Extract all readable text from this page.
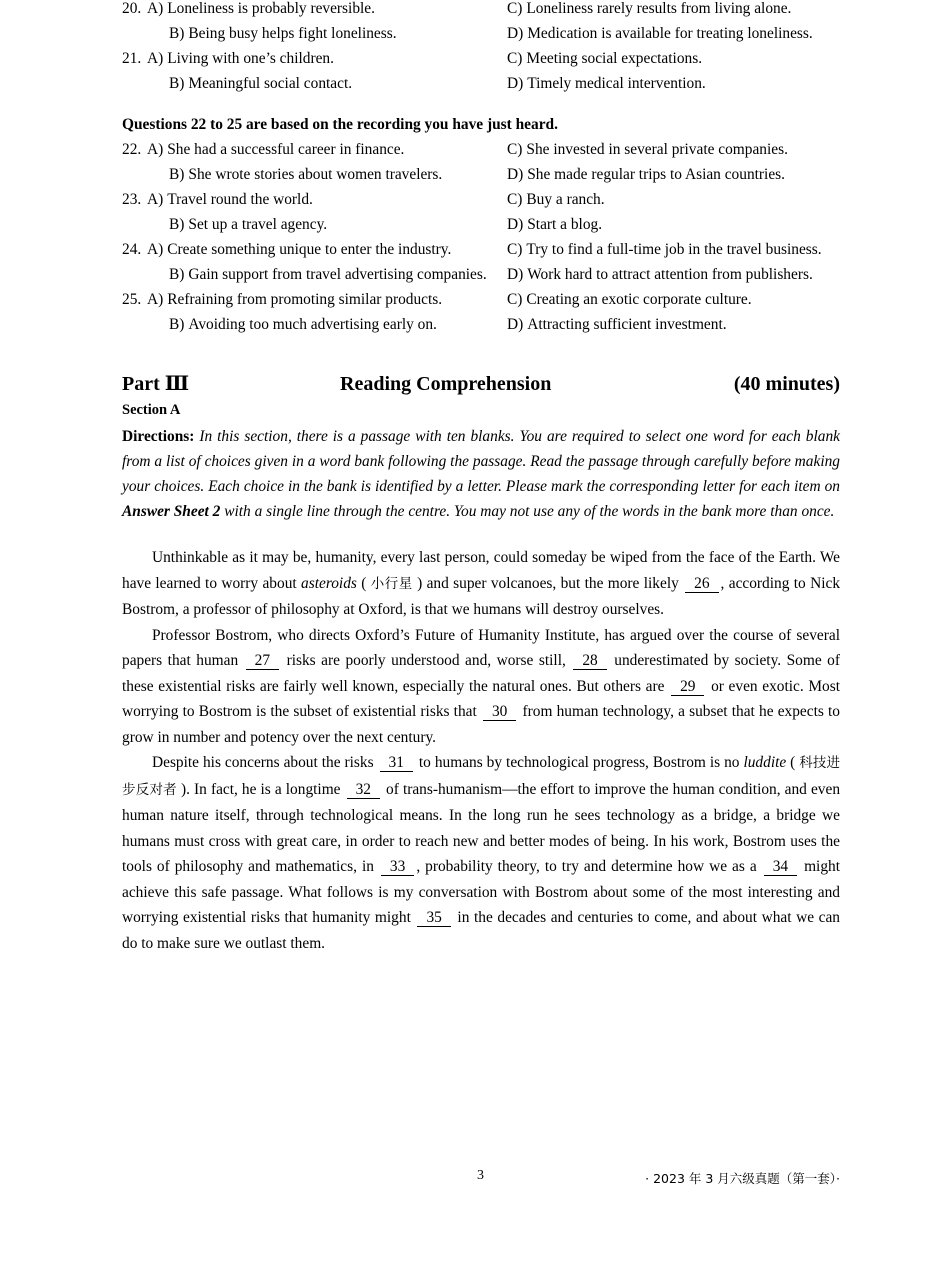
20. A) Loneliness is probably reversible.	C) Loneliness rarely results from living alone.
B) Being busy helps fight loneliness.	D) Medication is available for treating loneliness.
21. A) Living with one’s children.	C) Meeting social expectations.
B) Meaningful social contact.	D) Timely medical intervention.
Questions 22 to 25 are based on the recording you have just heard.
22. A) She had a successful career in finance.	C) She invested in several private companies.
B) She wrote stories about women travelers.	D) She made regular trips to Asian countries.
23. A) Travel round the world.	C) Buy a ranch.
B) Set up a travel agency.	D) Start a blog.
24. A) Create something unique to enter the industry.	C) Try to find a full-time job in the travel business.
B) Gain support from travel advertising companies. D) Work hard to attract attention from publishers.
25. A) Refraining from promoting similar products.	C) Creating an exotic corporate culture.
B) Avoiding too much advertising early on.	D) Attracting sufficient investment.
Part Ⅲ	Reading Comprehension	(40 minutes)
Section A
Directions: In this section, there is a passage with ten blanks. You are required to select one word for each blank from a list of choices given in a word bank following the passage. Read the passage through carefully before making your choices. Each choice in the bank is identified by a letter. Please mark the corresponding letter for each item on Answer Sheet 2 with a single line through the centre. You may not use any of the words in the bank more than once.

Unthinkable as it may be, humanity, every last person, could someday be wiped from the face of the Earth. We have learned to worry about asteroids ( 小行星 ) and super volcanoes, but the more likely 26 , according to Nick Bostrom, a professor of philosophy at Oxford, is that we humans will destroy ourselves.

Professor Bostrom, who directs Oxford’s Future of Humanity Institute, has argued over the course of several papers that human 27 risks are poorly understood and, worse still, 28 underestimated by society. Some of these existential risks are fairly well known, especially the natural ones. But others are 29 or even exotic. Most worrying to Bostrom is the subset of existential risks that 30 from human technology, a subset that he expects to grow in number and potency over the next century.

Despite his concerns about the risks 31 to humans by technological progress, Bostrom is no luddite ( 科技进步反对者 ). In fact, he is a longtime 32 of trans-humanism—the effort to improve the human condition, and even human nature itself, through technological means. In the long run he sees technology as a bridge, a bridge we humans must cross with great care, in order to reach new and better modes of being. In his work, Bostrom uses the tools of philosophy and mathematics, in 33 , probability theory, to try and determine how we as a 34 might achieve this safe passage. What follows is my conversation with Bostrom about some of the most interesting and worrying existential risks that humanity might 35 in the decades and centuries to come, and about what we can do to make sure we outlast them.

3	· 2023 年 3 月六级真题（第一套）·
